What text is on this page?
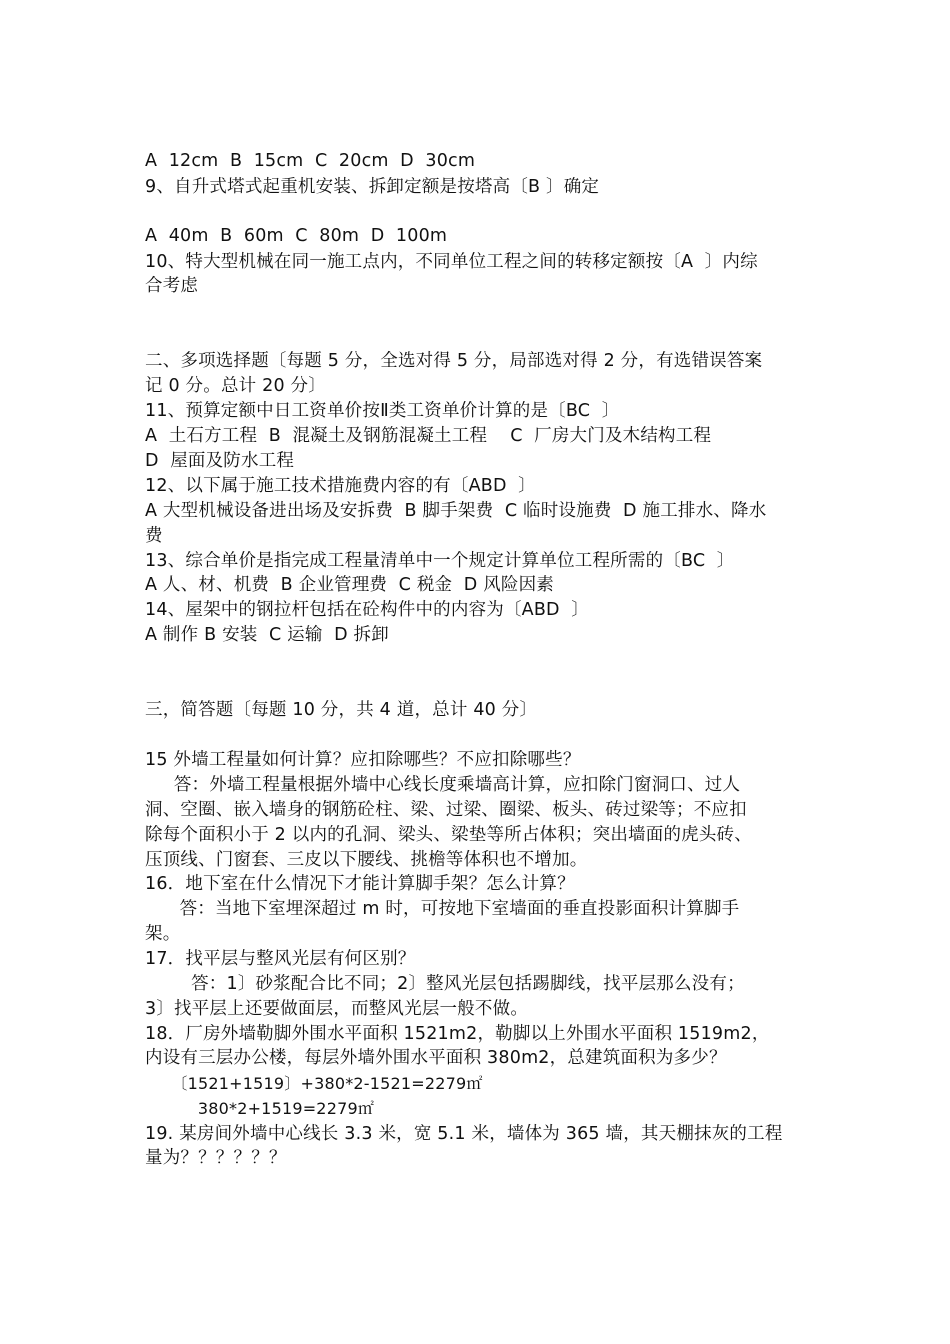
A  12cm  B  15cm  C  20cm  D  30cm
9、自升式塔式起重机安装、拆卸定额是按塔高〔B 〕确定
A  40m  B  60m  C  80m  D  100m
10、特大型机械在同一施工点内，不同单位工程之间的转移定额按〔A  〕内综
合考虑
二、多项选择题〔每题 5 分，全选对得 5 分，局部选对得 2 分，有选错误答案
记 0 分。总计 20 分〕
11、预算定额中日工资单价按Ⅱ类工资单价计算的是〔BC  〕
A  土石方工程  B  混凝土及钢筋混凝土工程    C  厂房大门及木结构工程
D  屋面及防水工程
12、以下属于施工技术措施费内容的有〔ABD  〕
A 大型机械设备进出场及安拆费  B 脚手架费  C 临时设施费  D 施工排水、降水
费
13、综合单价是指完成工程量清单中一个规定计算单位工程所需的〔BC  〕
A 人、材、机费  B 企业管理费  C 税金  D 风险因素
14、屋架中的钢拉杆包括在砼构件中的内容为〔ABD  〕
A 制作 B 安装  C 运输  D 拆卸
三，简答题〔每题 10 分，共 4 道，总计 40 分〕
15 外墙工程量如何计算？应扣除哪些？不应扣除哪些？
答：外墙工程量根据外墙中心线长度乘墙高计算，应扣除门窗洞口、过人
洞、空圈、嵌入墙身的钢筋砼柱、梁、过梁、圈梁、板头、砖过梁等；不应扣
除每个面积小于 2 以内的孔洞、梁头、梁垫等所占体积；突出墙面的虎头砖、
压顶线、门窗套、三皮以下腰线、挑檐等体积也不增加。
16．地下室在什么情况下才能计算脚手架？怎么计算？
答：当地下室埋深超过 m 时，可按地下室墙面的垂直投影面积计算脚手
架。
17．找平层与整风光层有何区别？
答：1〕砂浆配合比不同；2〕整风光层包括踢脚线，找平层那么没有；
3〕找平层上还要做面层，而整风光层一般不做。
18．厂房外墙勒脚外围水平面积 1521m2，勒脚以上外围水平面积 1519m2，
内设有三层办公楼，每层外墙外围水平面积 380m2，总建筑面积为多少？
〔1521+1519〕+380*2-1521=2279㎡
380*2+1519=2279㎡
19. 某房间外墙中心线长 3.3 米，宽 5.1 米，墙体为 365 墙，其天棚抹灰的工程
量为？？？？？？
